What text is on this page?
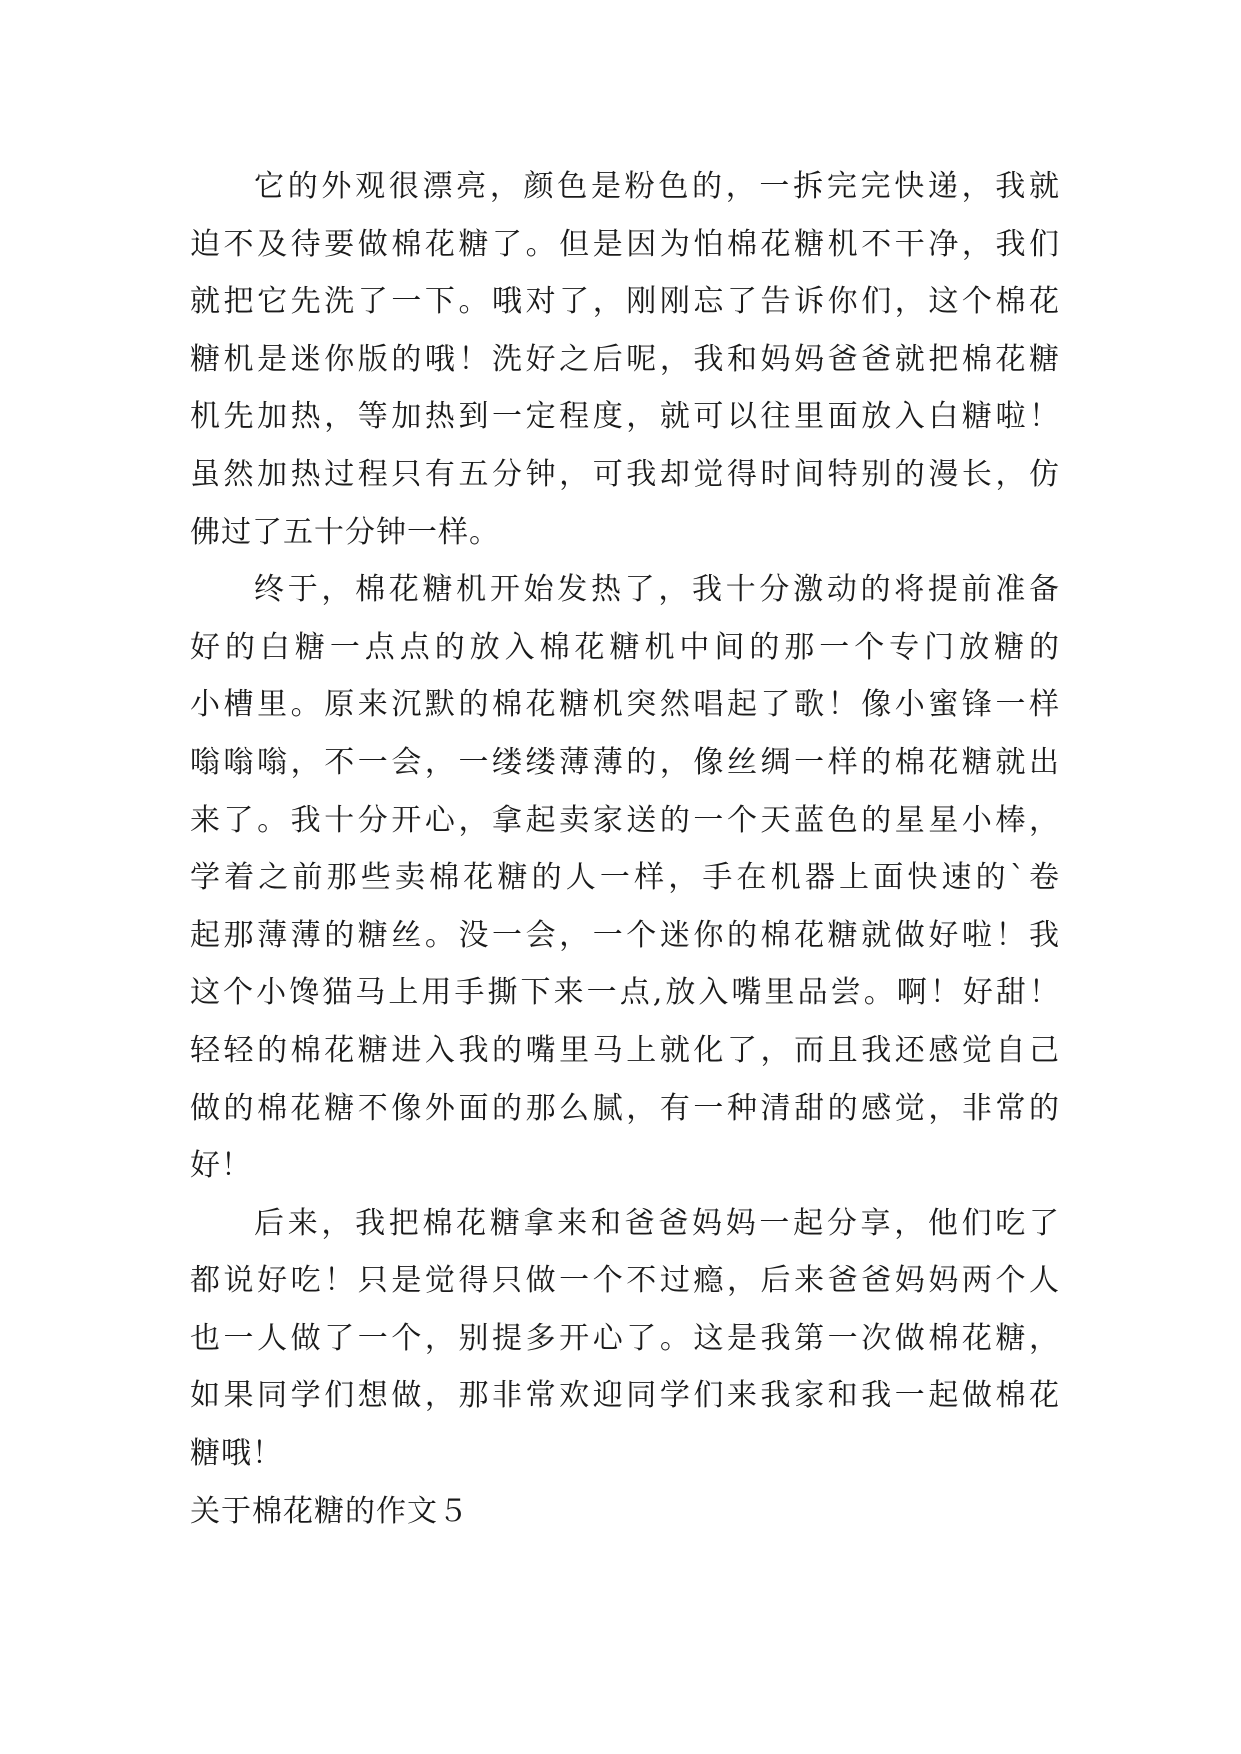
它的外观很漂亮，颜色是粉色的，一拆完完快递，我就
迫不及待要做棉花糖了。但是因为怕棉花糖机不干净，我们
就把它先洗了一下。哦对了，刚刚忘了告诉你们，这个棉花
糖机是迷你版的哦！洗好之后呢，我和妈妈爸爸就把棉花糖
机先加热，等加热到一定程度，就可以往里面放入白糖啦！
虽然加热过程只有五分钟，可我却觉得时间特别的漫长，仿
佛过了五十分钟一样。
终于，棉花糖机开始发热了，我十分激动的将提前准备
好的白糖一点点的放入棉花糖机中间的那一个专门放糖的
小槽里。原来沉默的棉花糖机突然唱起了歌！像小蜜锋一样
嗡嗡嗡，不一会，一缕缕薄薄的，像丝绸一样的棉花糖就出
来了。我十分开心，拿起卖家送的一个天蓝色的星星小棒，
学着之前那些卖棉花糖的人一样，手在机器上面快速的`卷
起那薄薄的糖丝。没一会，一个迷你的棉花糖就做好啦！我
这个小馋猫马上用手撕下来一点,放入嘴里品尝。啊！好甜！
轻轻的棉花糖进入我的嘴里马上就化了，而且我还感觉自己
做的棉花糖不像外面的那么腻，有一种清甜的感觉，非常的
好！
后来，我把棉花糖拿来和爸爸妈妈一起分享，他们吃了
都说好吃！只是觉得只做一个不过瘾，后来爸爸妈妈两个人
也一人做了一个，别提多开心了。这是我第一次做棉花糖，
如果同学们想做，那非常欢迎同学们来我家和我一起做棉花
糖哦！
关于棉花糖的作文５
